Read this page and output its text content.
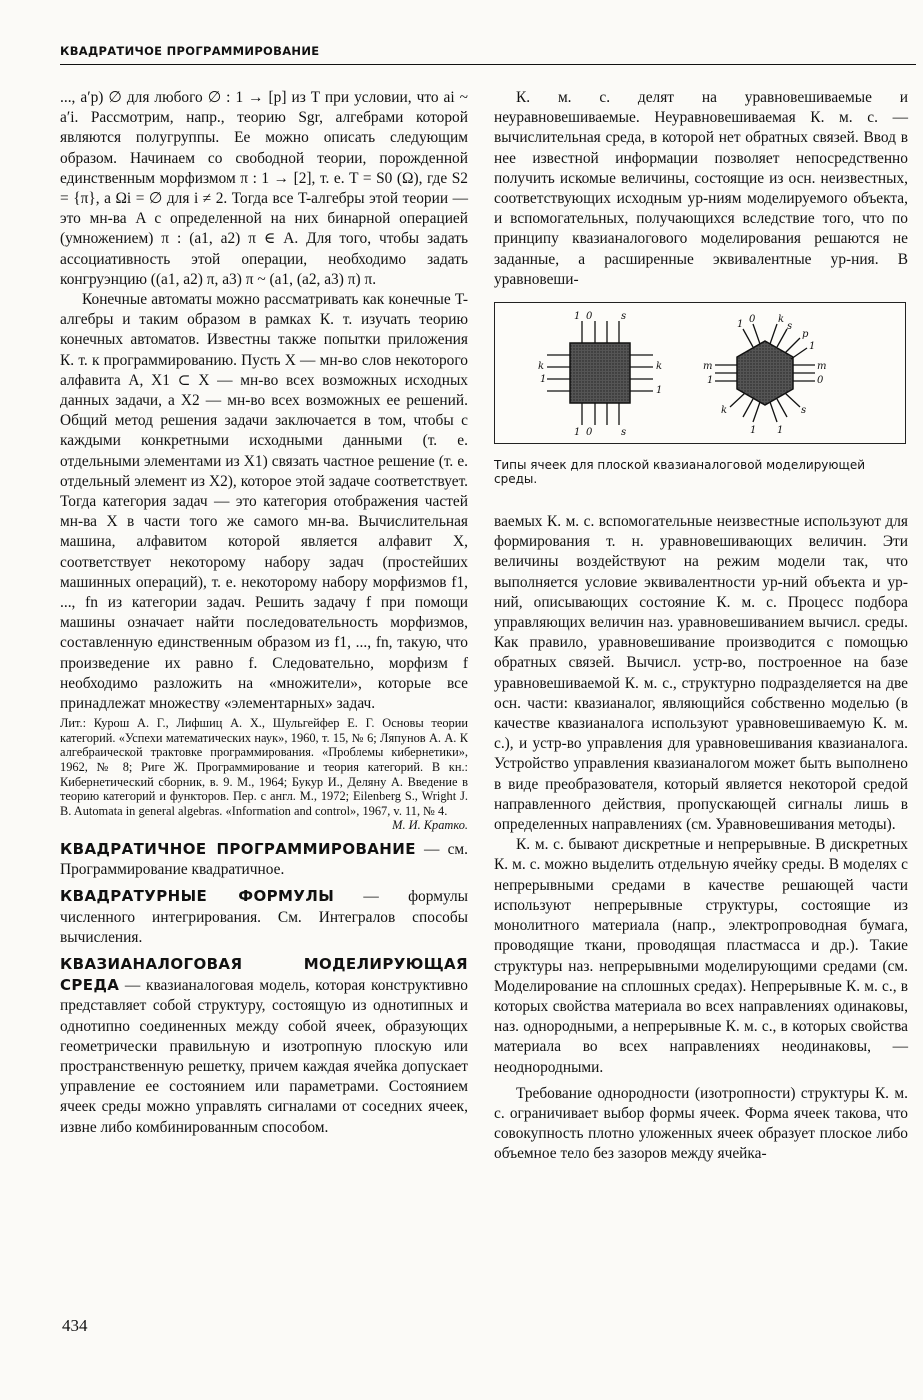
КВАДРАТИЧОЕ ПРОГРАММИРОВАНИЕ

..., a′p) ∅ для любого ∅ : 1 → [p] из T при условии, что ai ~ a′i. Рассмотрим, напр., теорию Sgr, алгебрами которой являются полугруппы. Ее можно описать следующим образом. Начинаем со свободной теории, порожденной единственным морфизмом π : 1 → [2], т. е. T = S0 (Ω), где S2 = {π}, а Ωi = ∅ для i ≠ 2. Тогда все T-алгебры этой теории — это мн-ва A с определенной на них бинарной операцией (умножением) π : (a1, a2) π ∈ A. Для того, чтобы задать ассоциативность этой операции, необходимо задать конгруэнцию ((a1, a2) π, a3) π ~ (a1, (a2, a3) π) π.

Конечные автоматы можно рассматривать как конечные T-алгебры и таким образом в рамках К. т. изучать теорию конечных автоматов. Известны также попытки приложения К. т. к программированию. Пусть X — мн-во слов некоторого алфавита A, X1 ⊂ X — мн-во всех возможных исходных данных задачи, а X2 — мн-во всех возможных ее решений. Общий метод решения задачи заключается в том, чтобы с каждыми конкретными исходными данными (т. е. отдельными элементами из X1) связать частное решение (т. е. отдельный элемент из X2), которое этой задаче соответствует. Тогда категория задач — это категория отображения частей мн-ва X в части того же самого мн-ва. Вычислительная машина, алфавитом которой является алфавит X, соответствует некоторому набору задач (простейших машинных операций), т. е. некоторому набору морфизмов f1, ..., fn из категории задач. Решить задачу f при помощи машины означает найти последовательность морфизмов, составленную единственным образом из f1, ..., fn, такую, что произведение их равно f. Следовательно, морфизм f необходимо разложить на «множители», которые все принадлежат множеству «элементарных» задач.

Лит.: Курош А. Г., Лифшиц А. Х., Шульгейфер Е. Г. Основы теории категорий. «Успехи математических наук», 1960, т. 15, № 6; Ляпунов А. А. К алгебраической трактовке программирования. «Проблемы кибернетики», 1962, № 8; Риге Ж. Программирование и теория категорий. В кн.: Кибернетический сборник, в. 9. М., 1964; Букур И., Деляну А. Введение в теорию категорий и функторов. Пер. с англ. М., 1972; Eilenberg S., Wright J. B. Automata in general algebras. «Information and control», 1967, v. 11, № 4.
М. И. Кратко.
КВАДРАТИЧНОЕ ПРОГРАММИРОВАНИЕ — см. Программирование квадратичное.
КВАДРАТУРНЫЕ ФОРМУЛЫ — формулы численного интегрирования. См. Интегралов способы вычисления.
КВАЗИАНАЛОГОВАЯ МОДЕЛИРУЮЩАЯ СРЕДА — квазианалоговая модель, которая конструктивно представляет собой структуру, состоящую из однотипных и однотипно соединенных между собой ячеек, образующих геометрически правильную и изотропную плоскую или пространственную решетку, причем каждая ячейка допускает управление ее состоянием или параметрами. Состоянием ячеек среды можно управлять сигналами от соседних ячеек, извне либо комбинированным способом.

К. м. с. делят на уравновешиваемые и неуравновешиваемые. Неуравновешиваемая К. м. с. — вычислительная среда, в которой нет обратных связей. Ввод в нее известной информации позволяет непосредственно получить искомые величины, состоящие из осн. неизвестных, соответствующих исходным ур-ниям моделируемого объекта, и вспомогательных, получающихся вследствие того, что по принципу квазианалогового моделирования решаются не заданные, а расширенные эквивалентные ур-ния. В уравновеши-

1 0	s
k	k
1
1
1 0	s
1 0 k
s
p
1
m	m
1	0
k	s
1 1
Типы ячеек для плоской квазианалоговой моделирующей среды.

ваемых К. м. с. вспомогательные неизвестные используют для формирования т. н. уравновешивающих величин. Эти величины воздействуют на режим модели так, что выполняется условие эквивалентности ур-ний объекта и ур-ний, описывающих состояние К. м. с. Процесс подбора управляющих величин наз. уравновешиванием вычисл. среды. Как правило, уравновешивание производится с помощью обратных связей. Вычисл. устр-во, построенное на базе уравновешиваемой К. м. с., структурно подразделяется на две осн. части: квазианалог, являющийся собственно моделью (в качестве квазианалога используют уравновешиваемую К. м. с.), и устр-во управления для уравновешивания квазианалога. Устройство управления квазианалогом может быть выполнено в виде преобразователя, который является некоторой средой направленного действия, пропускающей сигналы лишь в определенных направлениях (см. Уравновешивания методы).

К. м. с. бывают дискретные и непрерывные. В дискретных К. м. с. можно выделить отдельную ячейку среды. В моделях с непрерывными средами в качестве решающей части используют непрерывные структуры, состоящие из монолитного материала (напр., электропроводная бумага, проводящие ткани, проводящая пластмасса и др.). Такие структуры наз. непрерывными моделирующими средами (см. Моделирование на сплошных средах). Непрерывные К. м. с., в которых свойства материала во всех направлениях одинаковы, наз. однородными, а непрерывные К. м. с., в которых свойства материала во всех направлениях неодинаковы, — неоднородными.

Требование однородности (изотропности) структуры К. м. с. ограничивает выбор формы ячеек. Форма ячеек такова, что совокупность плотно уложенных ячеек образует плоское либо объемное тело без зазоров между ячейка-

434
